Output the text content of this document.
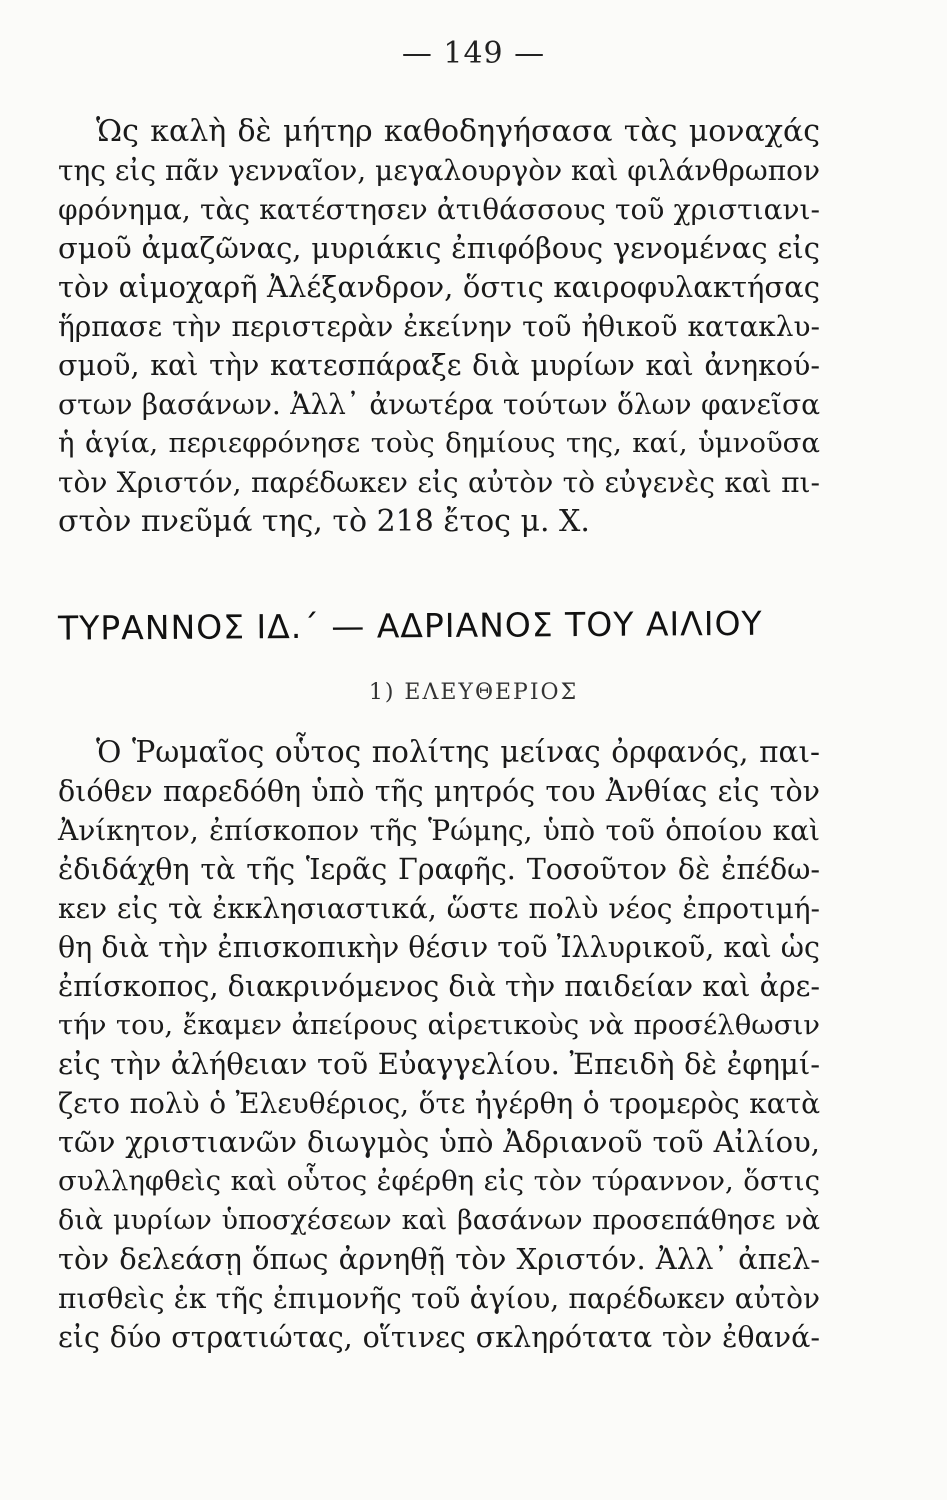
— 149 —
Ὡς καλὴ δὲ μήτηρ καθοδηγήσασα τὰς μοναχάς
της εἰς πᾶν γενναῖον, μεγαλουργὸν καὶ φιλάνθρωπον
φρόνημα, τὰς κατέστησεν ἀτιθάσσους τοῦ χριστιανι-
σμοῦ ἀμαζῶνας, μυριάκις ἐπιφόβους γενομένας εἰς
τὸν αἱμοχαρῆ Ἀλέξανδρον, ὅστις καιροφυλακτήσας
ἥρπασε τὴν περιστερὰν ἐκείνην τοῦ ἠθικοῦ κατακλυ-
σμοῦ, καὶ τὴν κατεσπάραξε διὰ μυρίων καὶ ἀνηκού-
στων βασάνων. Ἀλλ᾽ ἀνωτέρα τούτων ὅλων φανεῖσα
ἡ ἁγία, περιεφρόνησε τοὺς δημίους της, καί, ὑμνοῦσα
τὸν Χριστόν, παρέδωκεν εἰς αὐτὸν τὸ εὐγενὲς καὶ πι-
στὸν πνεῦμά της, τὸ 218 ἔτος μ. Χ.
ΤΥΡΑΝΝΟΣ ΙΔ.΄ — ΑΔΡΙΑΝΟΣ ΤΟΥ ΑΙΛΙΟΥ
1) ΕΛΕΥΘΕΡΙΟΣ
Ὁ Ῥωμαῖος οὗτος πολίτης μείνας ὀρφανός, παι-
διόθεν παρεδόθη ὑπὸ τῆς μητρός του Ἀνθίας εἰς τὸν
Ἀνίκητον, ἐπίσκοπον τῆς Ῥώμης, ὑπὸ τοῦ ὁποίου καὶ
ἐδιδάχθη τὰ τῆς Ἱερᾶς Γραφῆς. Τοσοῦτον δὲ ἐπέδω-
κεν εἰς τὰ ἐκκλησιαστικά, ὥστε πολὺ νέος ἐπροτιμή-
θη διὰ τὴν ἐπισκοπικὴν θέσιν τοῦ Ἰλλυρικοῦ, καὶ ὡς
ἐπίσκοπος, διακρινόμενος διὰ τὴν παιδείαν καὶ ἀρε-
τήν του, ἔκαμεν ἀπείρους αἱρετικοὺς νὰ προσέλθωσιν
εἰς τὴν ἀλήθειαν τοῦ Εὐαγγελίου. Ἐπειδὴ δὲ ἐφημί-
ζετο πολὺ ὁ Ἐλευθέριος, ὅτε ἠγέρθη ὁ τρομερὸς κατὰ
τῶν χριστιανῶν διωγμὸς ὑπὸ Ἀδριανοῦ τοῦ Αἰλίου,
συλληφθεὶς καὶ οὗτος ἐφέρθη εἰς τὸν τύραννον, ὅστις
διὰ μυρίων ὑποσχέσεων καὶ βασάνων προσεπάθησε νὰ
τὸν δελεάσῃ ὅπως ἀρνηθῇ τὸν Χριστόν. Ἀλλ᾽ ἀπελ-
πισθεὶς ἐκ τῆς ἐπιμονῆς τοῦ ἁγίου, παρέδωκεν αὐτὸν
εἰς δύο στρατιώτας, οἵτινες σκληρότατα τὸν ἐθανά-
